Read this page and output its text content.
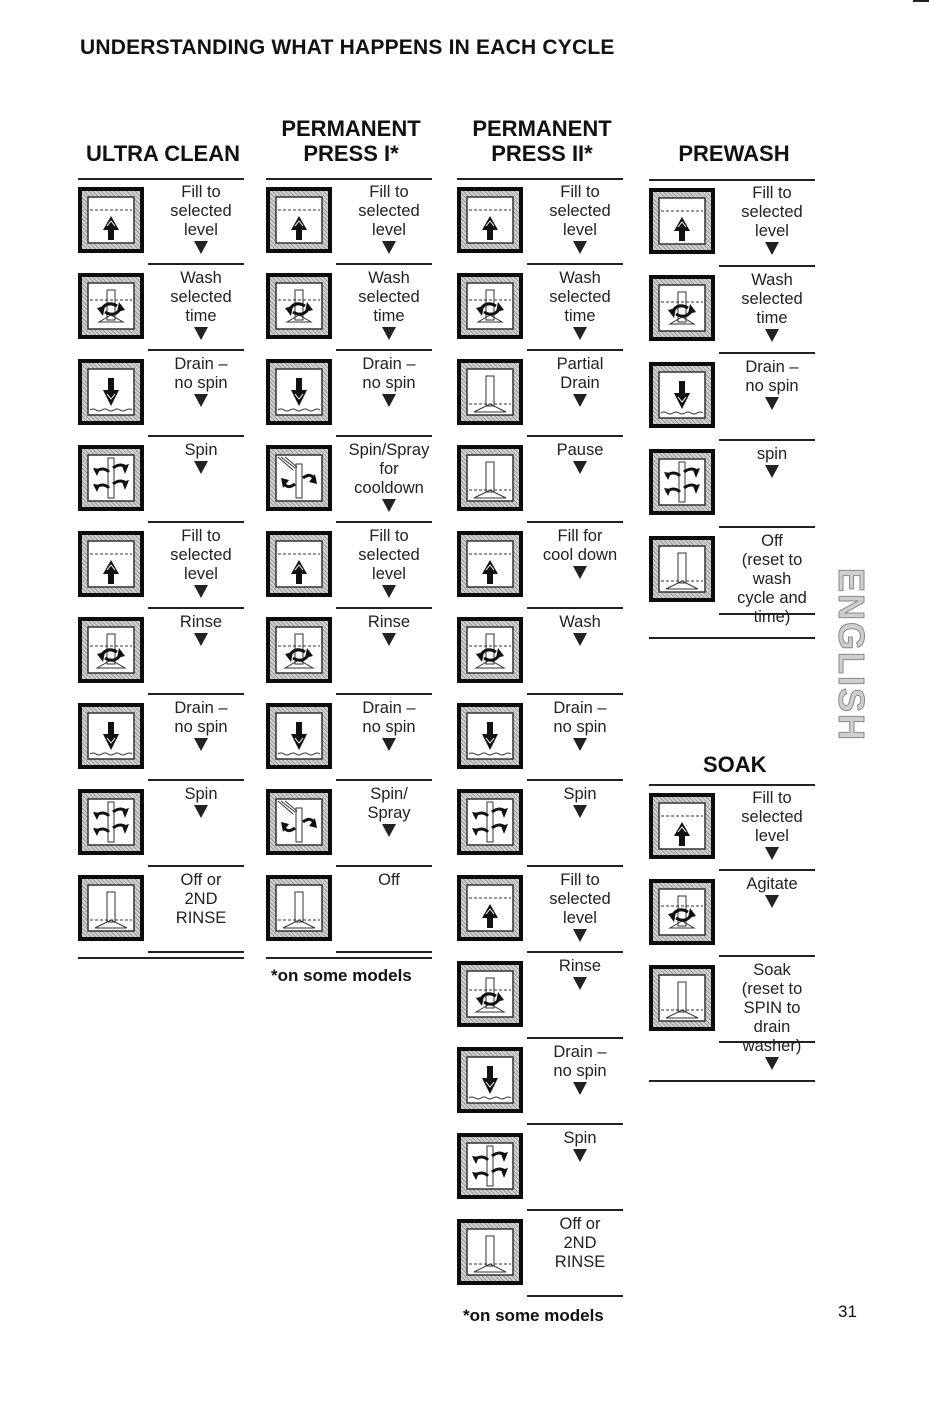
UNDERSTANDING WHAT HAPPENS IN EACH CYCLE
ULTRA CLEAN
Fill to
selected
level
Wash
selected
time
Drain –
no spin
Spin
Fill to
selected
level
Rinse
Drain –
no spin
Spin
Off or
2ND
RINSE
PERMANENT
PRESS I*
Fill to
selected
level
Wash
selected
time
Drain –
no spin
Spin/Spray
for
cooldown
Fill to
selected
level
Rinse
Drain –
no spin
Spin/
Spray
Off
PERMANENT
PRESS II*
Fill to
selected
level
Wash
selected
time
Partial
Drain
Pause
Fill for
cool down
Wash
Drain –
no spin
Spin
Fill to
selected
level
Rinse
Drain –
no spin
Spin
Off or
2ND
RINSE
PREWASH
Fill to
selected
level
Wash
selected
time
Drain –
no spin
spin
Off
(reset to
wash
cycle and
time)
SOAK
Fill to
selected
level
Agitate
Soak
(reset to
SPIN to
drain
washer)
*on some models
*on some models
ENGLISH
31
